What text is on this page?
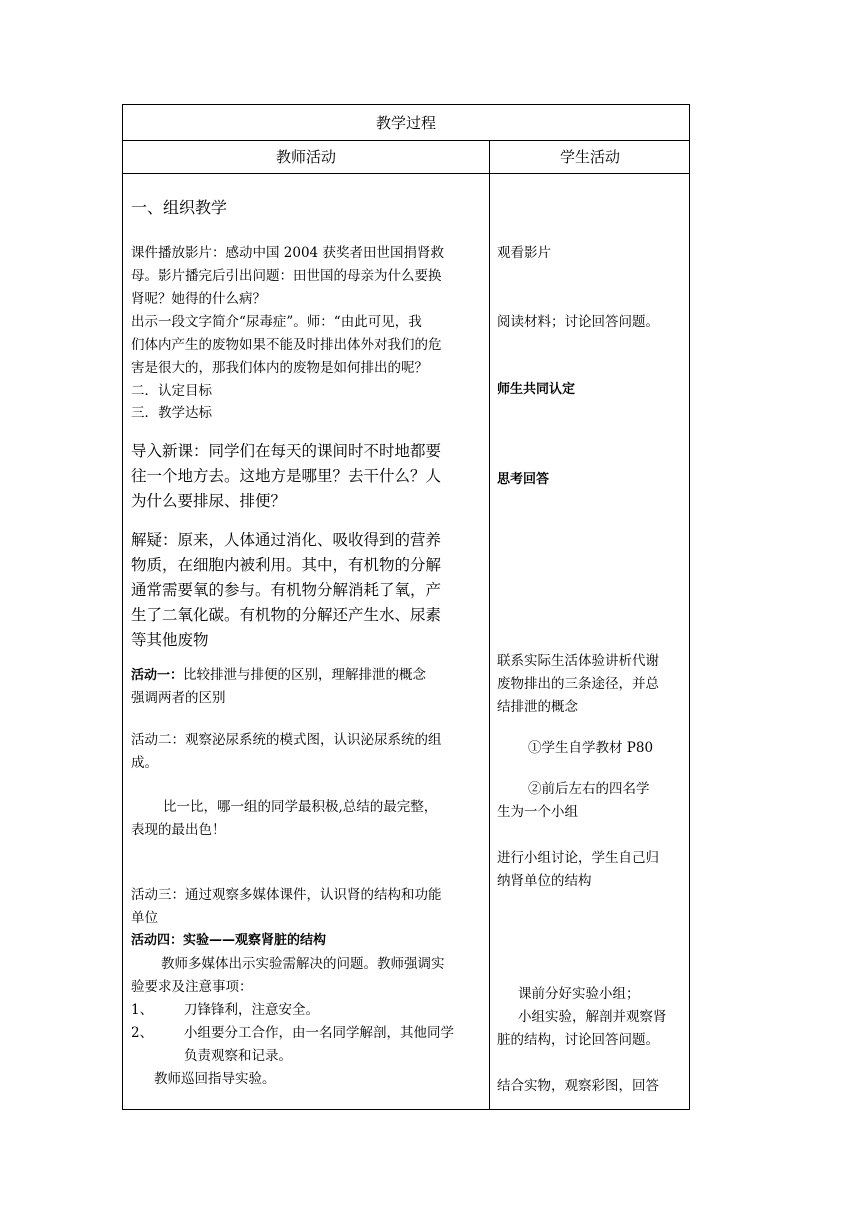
教学过程
教师活动	学生活动
一、组织教学
课件播放影片：感动中国 2004 获奖者田世国捐肾救
母。影片播完后引出问题：田世国的母亲为什么要换
肾呢？她得的什么病？
出示一段文字简介“尿毒症”。师：“由此可见，我
们体内产生的废物如果不能及时排出体外对我们的危
害是很大的，那我们体内的废物是如何排出的呢？
二．认定目标
三．教学达标
导入新课：同学们在每天的课间时不时地都要
往一个地方去。这地方是哪里？去干什么？人
为什么要排尿、排便？
解疑：原来，人体通过消化、吸收得到的营养
物质，在细胞内被利用。其中，有机物的分解
通常需要氧的参与。有机物分解消耗了氧，产
生了二氧化碳。有机物的分解还产生水、尿素
等其他废物
活动一：比较排泄与排便的区别，理解排泄的概念
强调两者的区别
活动二：观察泌尿系统的模式图，认识泌尿系统的组
成。
比一比，哪一组的同学最积极,总结的最完整，
表现的最出色！
活动三：通过观察多媒体课件，认识肾的结构和功能
单位
活动四：实验——观察肾脏的结构
教师多媒体出示实验需解决的问题。教师强调实
验要求及注意事项：
1、 刀锋锋利，注意安全。
2、 小组要分工合作，由一名同学解剖，其他同学
负责观察和记录。
教师巡回指导实验。
观看影片
阅读材料；讨论回答问题。
师生共同认定
思考回答
联系实际生活体验讲析代谢
废物排出的三条途径，并总
结排泄的概念
①学生自学教材 P80
②前后左右的四名学
生为一个小组
进行小组讨论，学生自己归
纳肾单位的结构
课前分好实验小组；
小组实验，解剖并观察肾
脏的结构，讨论回答问题。
结合实物，观察彩图，回答
